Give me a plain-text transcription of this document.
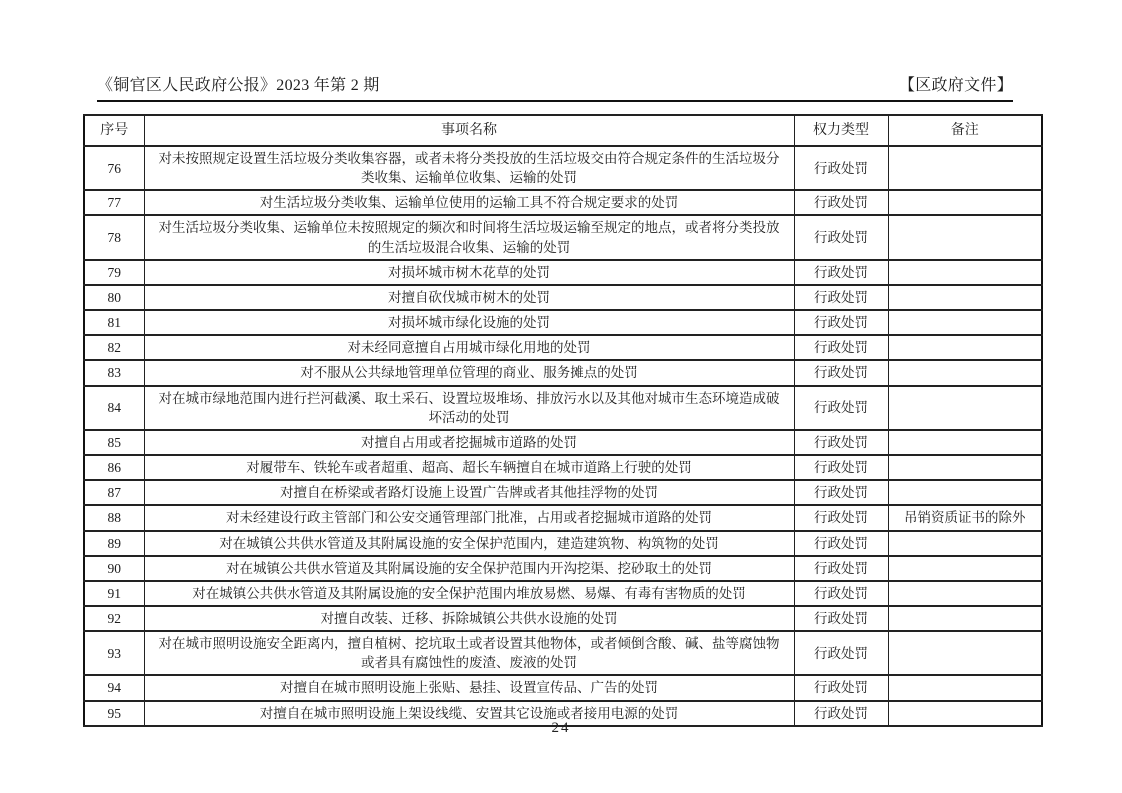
《铜官区人民政府公报》2023 年第 2 期	【区政府文件】
序号	事项名称	权力类型	备注
76	对未按照规定设置生活垃圾分类收集容器，或者未将分类投放的生活垃圾交由符合规定条件的生活垃圾分类收集、运输单位收集、运输的处罚	行政处罚	
77	对生活垃圾分类收集、运输单位使用的运输工具不符合规定要求的处罚	行政处罚	
78	对生活垃圾分类收集、运输单位未按照规定的频次和时间将生活垃圾运输至规定的地点，或者将分类投放的生活垃圾混合收集、运输的处罚	行政处罚	
79	对损坏城市树木花草的处罚	行政处罚	
80	对擅自砍伐城市树木的处罚	行政处罚	
81	对损坏城市绿化设施的处罚	行政处罚	
82	对未经同意擅自占用城市绿化用地的处罚	行政处罚	
83	对不服从公共绿地管理单位管理的商业、服务摊点的处罚	行政处罚	
84	对在城市绿地范围内进行拦河截溪、取土采石、设置垃圾堆场、排放污水以及其他对城市生态环境造成破坏活动的处罚	行政处罚	
85	对擅自占用或者挖掘城市道路的处罚	行政处罚	
86	对履带车、铁轮车或者超重、超高、超长车辆擅自在城市道路上行驶的处罚	行政处罚	
87	对擅自在桥梁或者路灯设施上设置广告牌或者其他挂浮物的处罚	行政处罚	
88	对未经建设行政主管部门和公安交通管理部门批准，占用或者挖掘城市道路的处罚	行政处罚	吊销资质证书的除外
89	对在城镇公共供水管道及其附属设施的安全保护范围内，建造建筑物、构筑物的处罚	行政处罚	
90	对在城镇公共供水管道及其附属设施的安全保护范围内开沟挖渠、挖砂取土的处罚	行政处罚	
91	对在城镇公共供水管道及其附属设施的安全保护范围内堆放易燃、易爆、有毒有害物质的处罚	行政处罚	
92	对擅自改装、迁移、拆除城镇公共供水设施的处罚	行政处罚	
93	对在城市照明设施安全距离内，擅自植树、挖坑取土或者设置其他物体，或者倾倒含酸、碱、盐等腐蚀物或者具有腐蚀性的废渣、废液的处罚	行政处罚	
94	对擅自在城市照明设施上张贴、悬挂、设置宣传品、广告的处罚	行政处罚	
95	对擅自在城市照明设施上架设线缆、安置其它设施或者接用电源的处罚	行政处罚	
－ 24 －
